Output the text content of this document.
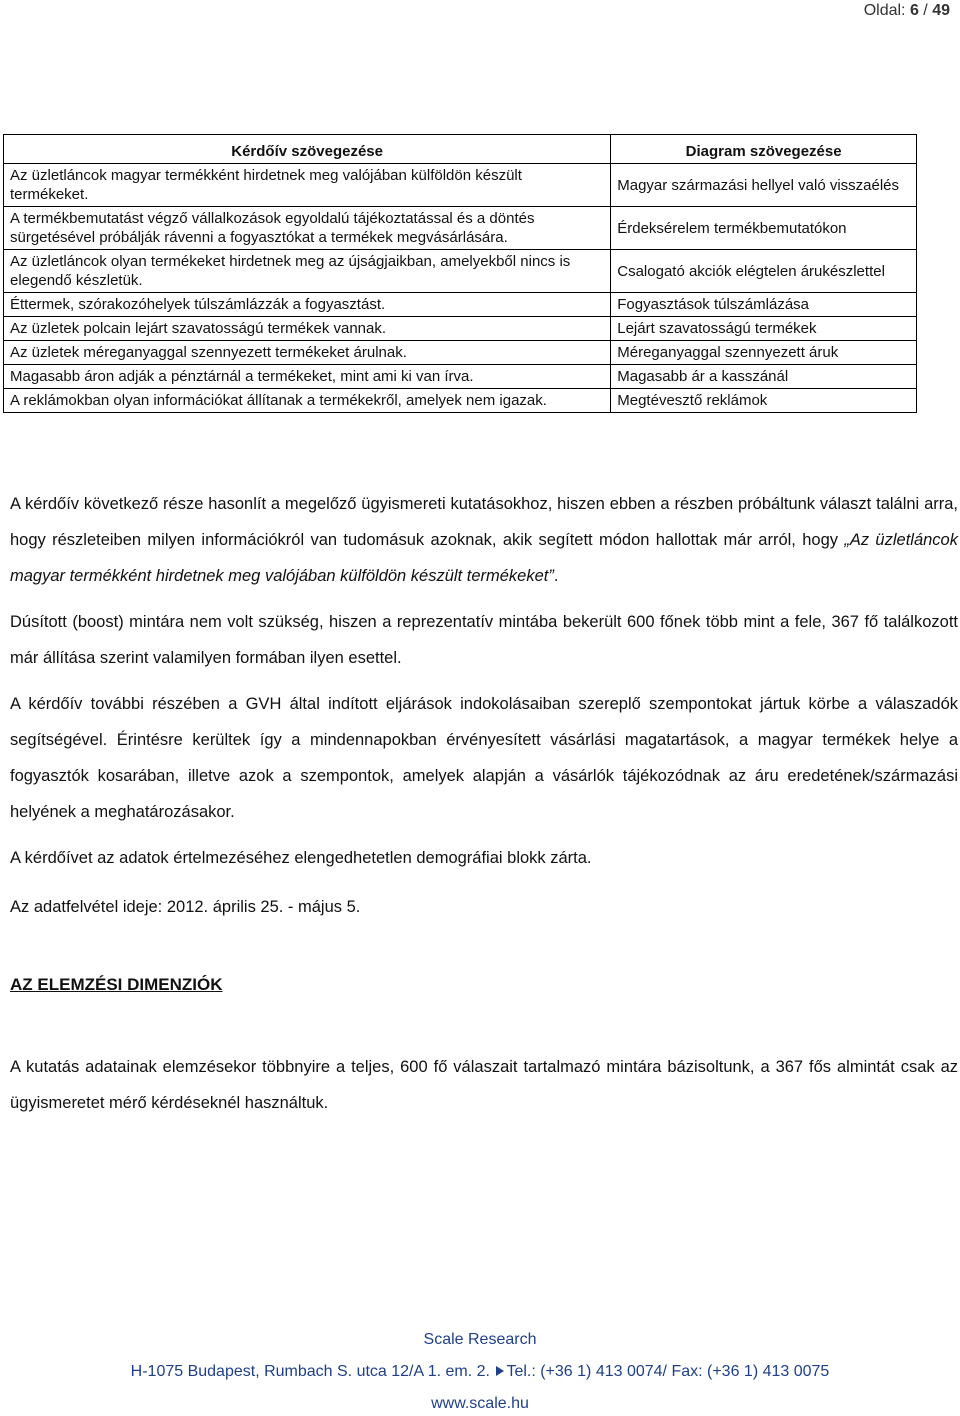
Oldal: 6 / 49
Kérdőív szövegezése	Diagram szövegezése
Az üzletláncok magyar termékként hirdetnek meg valójában külföldön készült termékeket.	Magyar származási hellyel való visszaélés
A termékbemutatást végző vállalkozások egyoldalú tájékoztatással és a döntés sürgetésével próbálják rávenni a fogyasztókat a termékek megvásárlására.	Érdeksérelem termékbemutatókon
Az üzletláncok olyan termékeket hirdetnek meg az újságjaikban, amelyekből nincs is elegendő készletük.	Csalogató akciók elégtelen árukészlettel
Éttermek, szórakozóhelyek túlszámlázzák a fogyasztást.	Fogyasztások túlszámlázása
Az üzletek polcain lejárt szavatosságú termékek vannak.	Lejárt szavatosságú termékek
Az üzletek méreganyaggal szennyezett termékeket árulnak.	Méreganyaggal szennyezett áruk
Magasabb áron adják a pénztárnál a termékeket, mint ami ki van írva.	Magasabb ár a kasszánál
A reklámokban olyan információkat állítanak a termékekről, amelyek nem igazak.	Megtévesztő reklámok

A kérdőív következő része hasonlít a megelőző ügyismereti kutatásokhoz, hiszen ebben a részben próbáltunk választ találni arra, hogy részleteiben milyen információkról van tudomásuk azoknak, akik segített módon hallottak már arról, hogy „Az üzletláncok magyar termékként hirdetnek meg valójában külföldön készült termékeket”.

Dúsított (boost) mintára nem volt szükség, hiszen a reprezentatív mintába bekerült 600 főnek több mint a fele, 367 fő találkozott már állítása szerint valamilyen formában ilyen esettel.

A kérdőív további részében a GVH által indított eljárások indokolásaiban szereplő szempontokat jártuk körbe a válaszadók segítségével. Érintésre kerültek így a mindennapokban érvényesített vásárlási magatartások, a magyar termékek helye a fogyasztók kosarában, illetve azok a szempontok, amelyek alapján a vásárlók tájékozódnak az áru eredetének/származási helyének a meghatározásakor.

A kérdőívet az adatok értelmezéséhez elengedhetetlen demográfiai blokk zárta.

Az adatfelvétel ideje: 2012. április 25. - május 5.

AZ ELEMZÉSI DIMENZIÓK

A kutatás adatainak elemzésekor többnyire a teljes, 600 fő válaszait tartalmazó mintára bázisoltunk, a 367 fős almintát csak az ügyismeretet mérő kérdéseknél használtuk.

Scale Research
H-1075 Budapest, Rumbach S. utca 12/A 1. em. 2. Tel.: (+36 1) 413 0074/ Fax: (+36 1) 413 0075
www.scale.hu
